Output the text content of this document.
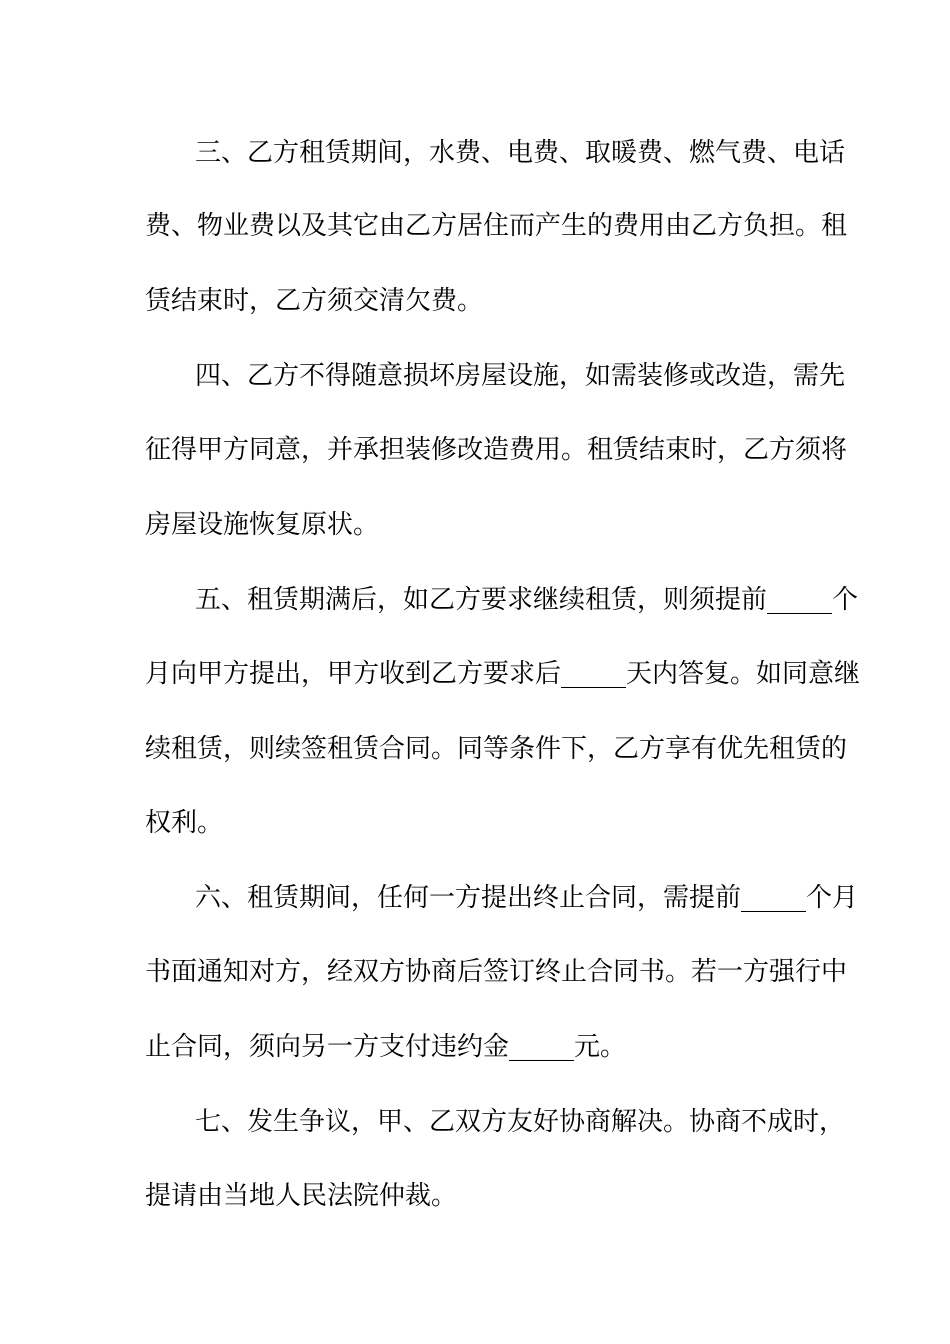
三、乙方租赁期间，水费、电费、取暖费、燃气费、电话
费、物业费以及其它由乙方居住而产生的费用由乙方负担。租
赁结束时，乙方须交清欠费。
四、乙方不得随意损坏房屋设施，如需装修或改造，需先
征得甲方同意，并承担装修改造费用。租赁结束时，乙方须将
房屋设施恢复原状。
五、租赁期满后，如乙方要求继续租赁，则须提前_____个
月向甲方提出，甲方收到乙方要求后_____天内答复。如同意继
续租赁，则续签租赁合同。同等条件下，乙方享有优先租赁的
权利。
六、租赁期间，任何一方提出终止合同，需提前_____个月
书面通知对方，经双方协商后签订终止合同书。若一方强行中
止合同，须向另一方支付违约金_____元。
七、发生争议，甲、乙双方友好协商解决。协商不成时，
提请由当地人民法院仲裁。
